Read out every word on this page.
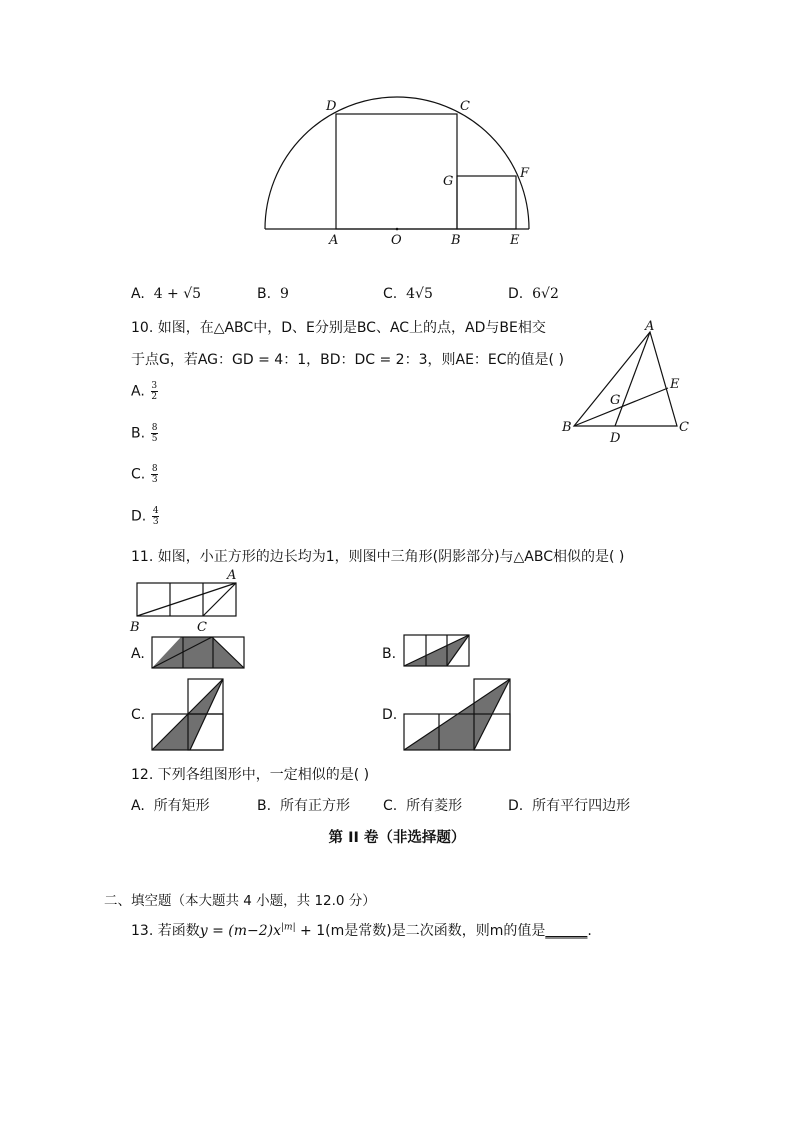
D	C
G
F
A	O	B	E
A. 4 + √5	B. 9	C. 4√5	D. 6√2
10. 如图，在△ABC中，D、E分别是BC、AC上的点，AD与BE相交
于点G，若AG：GD = 4：1，BD：DC = 2：3，则AE：EC的值是( )
A. $\frac{3}{2}$
B. $\frac{8}{5}$
C. $\frac{8}{3}$
D. $\frac{4}{3}$
A
B	C
D
E
G
11. 如图，小正方形的边长均为1，则图中三角形(阴影部分)与△ABC相似的是( )
A
B	C
A.	B.
C.	D.
12. 下列各组图形中，一定相似的是( )
A. 所有矩形	B. 所有正方形 C. 所有菱形	D. 所有平行四边形
第 II 卷（非选择题）
二、填空题（本大题共 4 小题，共 12.0 分）
13. 若函数$y = (m-2)x^{|m|} + 1(m$是常数)是二次函数，则m的值是______.
